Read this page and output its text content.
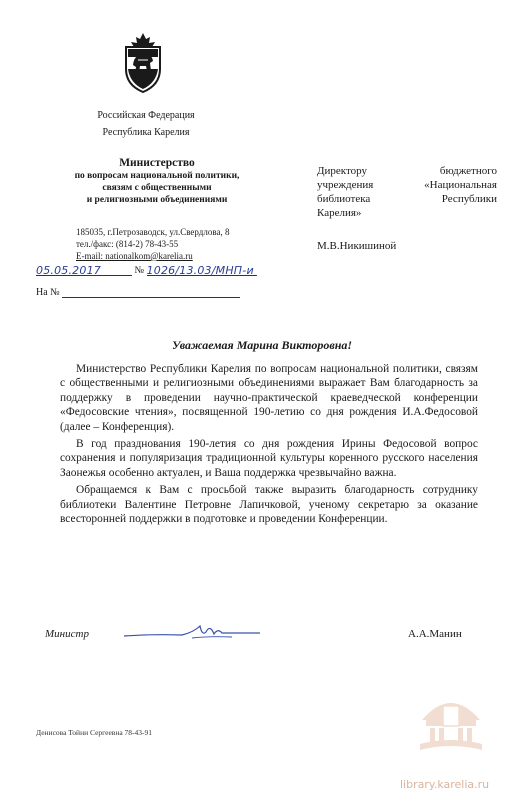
Российская Федерация
Республика Карелия
Министерство
по вопросам национальной политики,
связям с общественными
и религиозными объединениями
185035, г.Петрозаводск, ул.Свердлова, 8
тел./факс: (814-2) 78-43-55
E-mail: nationalkom@karelia.ru
05.05.2017	№ 1026/13.03/МНП-и
На №
Директору бюджетного
учреждения «Национальная
библиотека Республики
Карелия»
М.В.Никишиной
Уважаемая Марина Викторовна!

Министерство Республики Карелия по вопросам национальной политики, связям с общественными и религиозными объединениями выражает Вам благодарность за поддержку в проведении научно-практической краеведческой конференции «Федосовские чтения», посвященной 190-летию со дня рождения И.А.Федосовой (далее – Конференция).

В год празднования 190-летия со дня рождения Ирины Федосовой вопрос сохранения и популяризация традиционной культуры коренного русского населения Заонежья особенно актуален, и Ваша поддержка чрезвычайно важна.

Обращаемся к Вам с просьбой также выразить благодарность сотруднику библиотеки Валентине Петровне Лапичковой, ученому секретарю за оказание всесторонней поддержки в подготовке и проведении Конференции.

Министр	А.А.Манин
Денисова Тойни Сергеевна 78-43-91
library.karelia.ru
